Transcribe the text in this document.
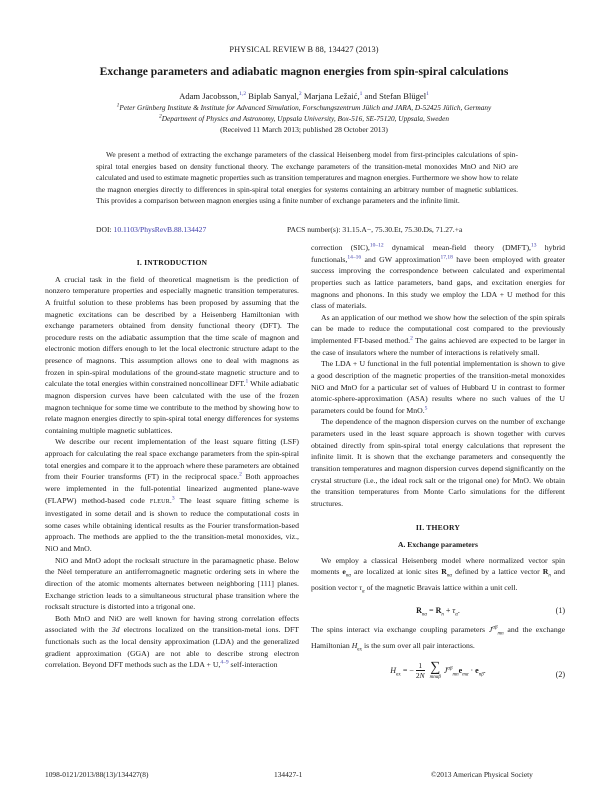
PHYSICAL REVIEW B 88, 134427 (2013)
Exchange parameters and adiabatic magnon energies from spin-spiral calculations
Adam Jacobsson,$^{1,2}$ Biplab Sanyal,$^2$ Marjana Ležaić,$^1$ and Stefan Blügel$^1$
$^1$Peter Grünberg Institute & Institute for Advanced Simulation, Forschungszentrum Jülich and JARA, D-52425 Jülich, Germany
$^2$Department of Physics and Astronomy, Uppsala University, Box-516, SE-75120, Uppsala, Sweden
(Received 11 March 2013; published 28 October 2013)

We present a method of extracting the exchange parameters of the classical Heisenberg model from first-principles calculations of spin-spiral total energies based on density functional theory. The exchange parameters of the transition-metal monoxides MnO and NiO are calculated and used to estimate magnetic properties such as transition temperatures and magnon energies. Furthermore we show how to relate the magnon energies directly to differences in spin-spiral total energies for systems containing an arbitrary number of magnetic sublattices. This provides a comparison between magnon energies using a finite number of exchange parameters and the infinite limit.

DOI: 10.1103/PhysRevB.88.134427	PACS number(s): 31.15.A−, 75.30.Et, 75.30.Ds, 71.27.+a
I. INTRODUCTION

A crucial task in the field of theoretical magnetism is the prediction of nonzero temperature properties and especially magnetic transition temperatures. A fruitful solution to these problems has been proposed by assuming that the magnetic excitations can be described by a Heisenberg Hamiltonian with exchange parameters obtained from density functional theory (DFT). The procedure rests on the adiabatic assumption that the time scale of magnon and electronic motion differs enough to let the local electronic structure adapt to the presence of magnons. This assumption allows one to deal with magnons as frozen in spin-spiral modulations of the ground-state magnetic structure and to calculate the total energies within constrained noncollinear DFT.$^1$ While adiabatic magnon dispersion curves have been calculated with the use of the frozen magnon technique for some time we contribute to the method by showing how to relate magnon energies directly to spin-spiral total energy differences for systems containing multiple magnetic sublattices.

We describe our recent implementation of the least square fitting (LSF) approach for calculating the real space exchange parameters from the spin-spiral total energies and compare it to the approach where these parameters are obtained from their Fourier transforms (FT) in the reciprocal space.$^2$ Both approaches were implemented in the full-potential linearized augmented plane-wave (FLAPW) method-based code FLEUR.$^3$ The least square fitting scheme is investigated in some detail and is shown to reduce the computational costs in some cases while obtaining identical results as the Fourier transformation-based approach. The methods are applied to the the transition-metal monoxides, viz., NiO and MnO.

NiO and MnO adopt the rocksalt structure in the paramagnetic phase. Below the Nèel temperature an antiferromagnetic magnetic ordering sets in where the direction of the atomic moments alternates between neighboring [111] planes. Exchange striction leads to a simultaneous structural phase transition where the rocksalt structure is distorted into a trigonal one.

Both MnO and NiO are well known for having strong correlation effects associated with the 3d electrons localized on the transition-metal ions. DFT functionals such as the local density approximation (LDA) and the generalized gradient approximation (GGA) are not able to describe strong electron correlation. Beyond DFT methods such as the LDA + U,$^{4-9}$ self-interaction

correction (SIC),$^{10-12}$ dynamical mean-field theory (DMFT),$^{13}$ hybrid functionals,$^{14-16}$ and GW approximation$^{17,18}$ have been employed with greater success improving the correspondence between calculated and experimental properties such as lattice parameters, band gaps, and excitation energies for magnons and phonons. In this study we employ the LDA + U method for this class of materials.

As an application of our method we show how the selection of the spin spirals can be made to reduce the computational cost compared to the previously implemented FT-based method.$^2$ The gains achieved are expected to be larger in the case of insulators where the number of interactions is relatively small.

The LDA + U functional in the full potential implementation is shown to give a good description of the magnetic properties of the transition-metal monoxides NiO and MnO for a particular set of values of Hubbard U in contrast to former atomic-sphere-approximation (ASA) results where no such values of the U parameters could be found for MnO.$^5$

The dependence of the magnon dispersion curves on the number of exchange parameters used in the least square approach is shown together with curves obtained directly from spin-spiral total energy calculations that represent the infinite limit. It is shown that the exchange parameters and consequently the transition temperatures and magnon dispersion curves depend significantly on the crystal structure (i.e., the ideal rock salt or the trigonal one) for MnO. We obtain the transition temperatures from Monte Carlo simulations for the different structures.

II. THEORY
A. Exchange parameters

We employ a classical Heisenberg model where normalized vector spin moments $e_{n\alpha}$ are localized at ionic sites $R_{n\alpha}$ defined by a lattice vector $R_n$ and position vector $\tau_\alpha$ of the magnetic Bravais lattice within a unit cell.

$R_{n\alpha} = R_n + \tau_\alpha$.	(1)

The spins interact via exchange coupling parameters $J^{\alpha\beta}_{mn}$ and the exchange Hamiltonian $H_{ex}$ is the sum over all pair interactions.

$H_{ex}$ = − $\frac{1}{2N}$ ∑
mnαβ
$J^{\alpha\beta}_{mn}e_{m\alpha} \cdot e_{n\beta}$.	(2)
1098-0121/2013/88(13)/134427(8)	134427-1	©2013 American Physical Society
